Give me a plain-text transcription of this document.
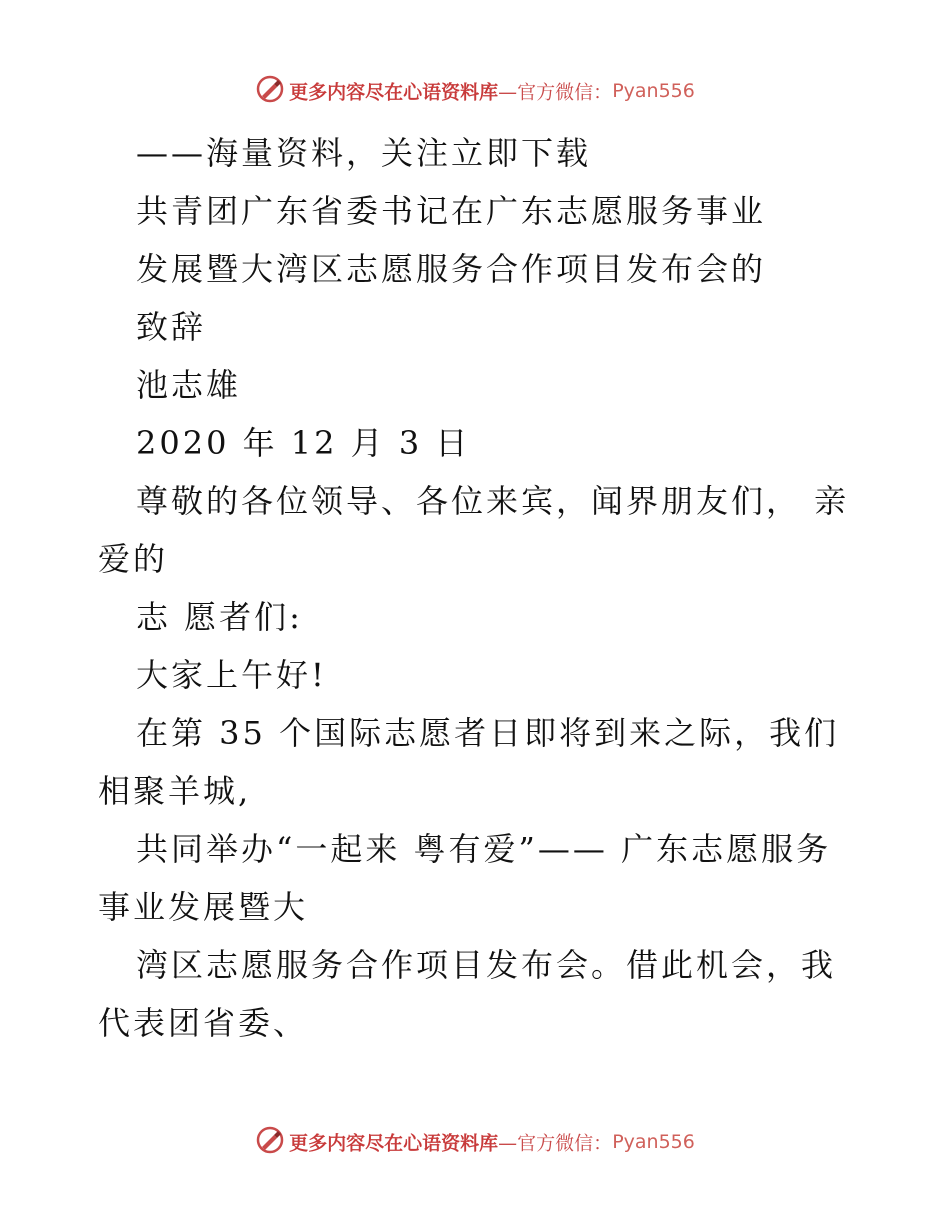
更多内容尽在心语资料库—官方微信：Pyan556

——海量资料，关注立即下载

共青团广东省委书记在广东志愿服务事业

发展暨大湾区志愿服务合作项目发布会的

致辞

池志雄

2020 年 12 月 3 日

尊敬的各位领导、各位来宾，闻界朋友们， 亲爱的

志 愿者们:

大家上午好!

在第 35 个国际志愿者日即将到来之际，我们相聚羊城,

共同举办“一起来 粤有爱”—— 广东志愿服务事业发展暨大

湾区志愿服务合作项目发布会。借此机会，我代表团省委、

更多内容尽在心语资料库—官方微信：Pyan556
